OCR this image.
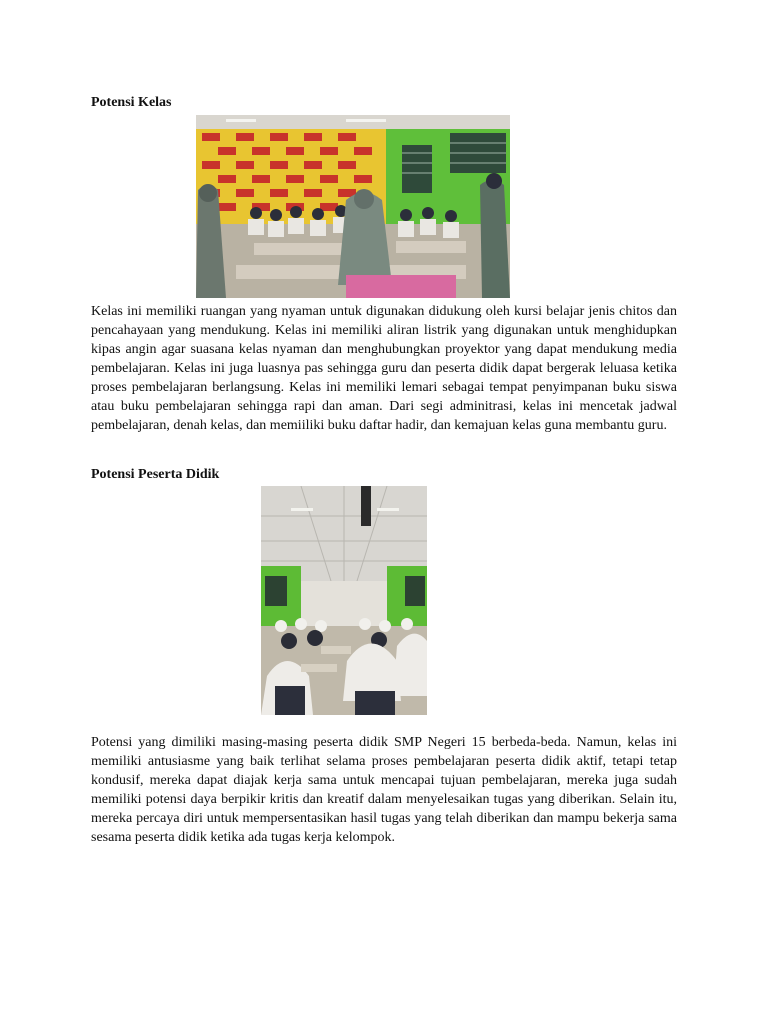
Potensi Kelas
Kelas ini memiliki ruangan yang nyaman untuk digunakan didukung oleh kursi belajar jenis chitos dan pencahayaan yang mendukung. Kelas ini memiliki aliran listrik yang digunakan untuk menghidupkan kipas angin agar suasana kelas nyaman dan menghubungkan proyektor yang dapat mendukung media pembelajaran. Kelas ini juga luasnya pas sehingga guru dan peserta didik dapat bergerak leluasa ketika proses pembelajaran berlangsung. Kelas ini memiliki lemari sebagai tempat penyimpanan buku siswa atau buku pembelajaran sehingga rapi dan aman. Dari segi adminitrasi, kelas ini mencetak jadwal pembelajaran, denah kelas, dan memiiliki buku daftar hadir, dan kemajuan kelas guna membantu guru.
Potensi Peserta Didik
Potensi yang dimiliki masing-masing peserta didik SMP Negeri 15 berbeda-beda. Namun, kelas ini memiliki antusiasme yang baik terlihat selama proses pembelajaran peserta didik aktif, tetapi tetap kondusif, mereka dapat diajak kerja sama untuk mencapai tujuan pembelajaran, mereka juga sudah memiliki potensi daya berpikir kritis dan kreatif dalam menyelesaikan tugas yang diberikan. Selain itu, mereka percaya diri untuk mempersentasikan hasil tugas yang telah diberikan dan mampu bekerja sama sesama peserta didik ketika ada tugas kerja kelompok.
